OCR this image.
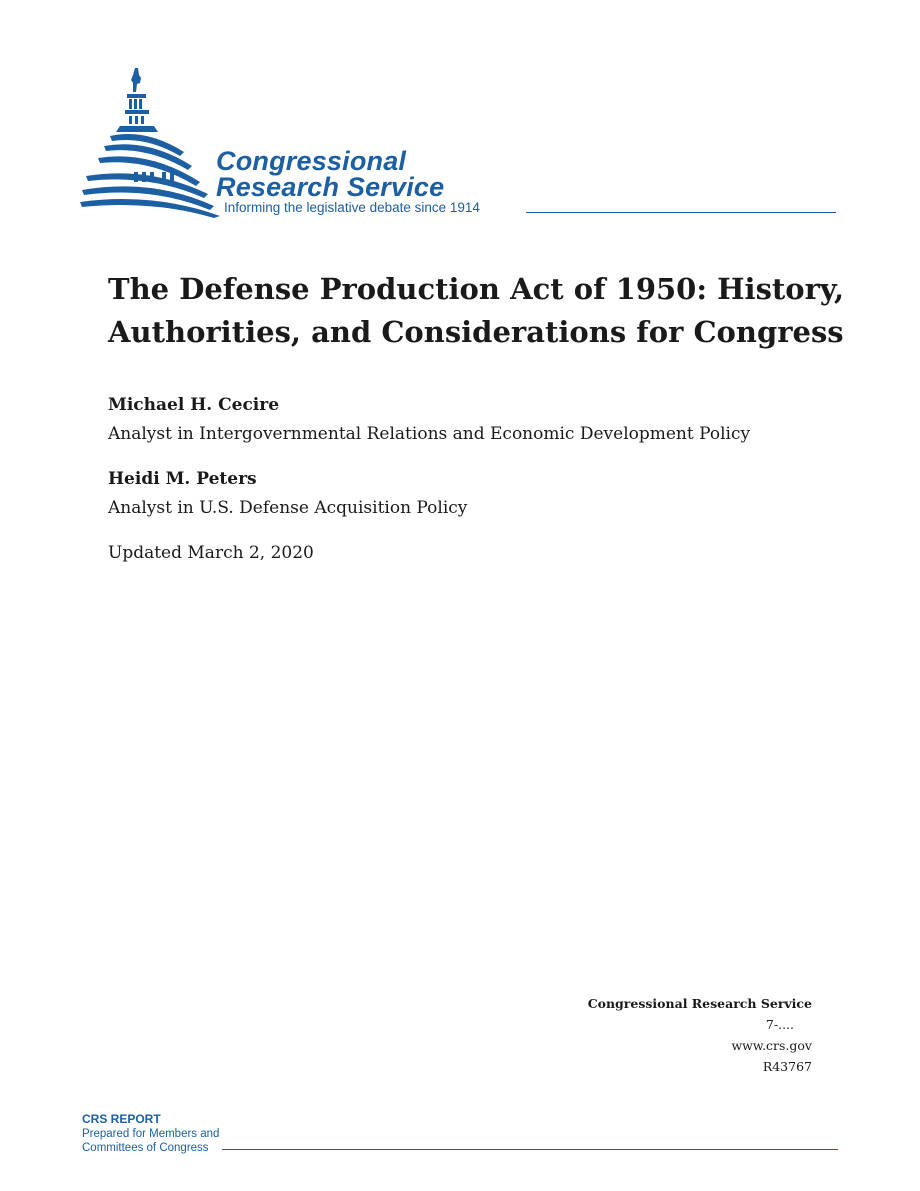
Congressional
Research Service
Informing the legislative debate since 1914
The Defense Production Act of 1950: History, Authorities, and Considerations for Congress
Michael H. Cecire
Analyst in Intergovernmental Relations and Economic Development Policy
Heidi M. Peters
Analyst in U.S. Defense Acquisition Policy
Updated March 2, 2020
Congressional Research Service
7-....
www.crs.gov
R43767
CRS REPORT
Prepared for Members and
Committees of Congress
